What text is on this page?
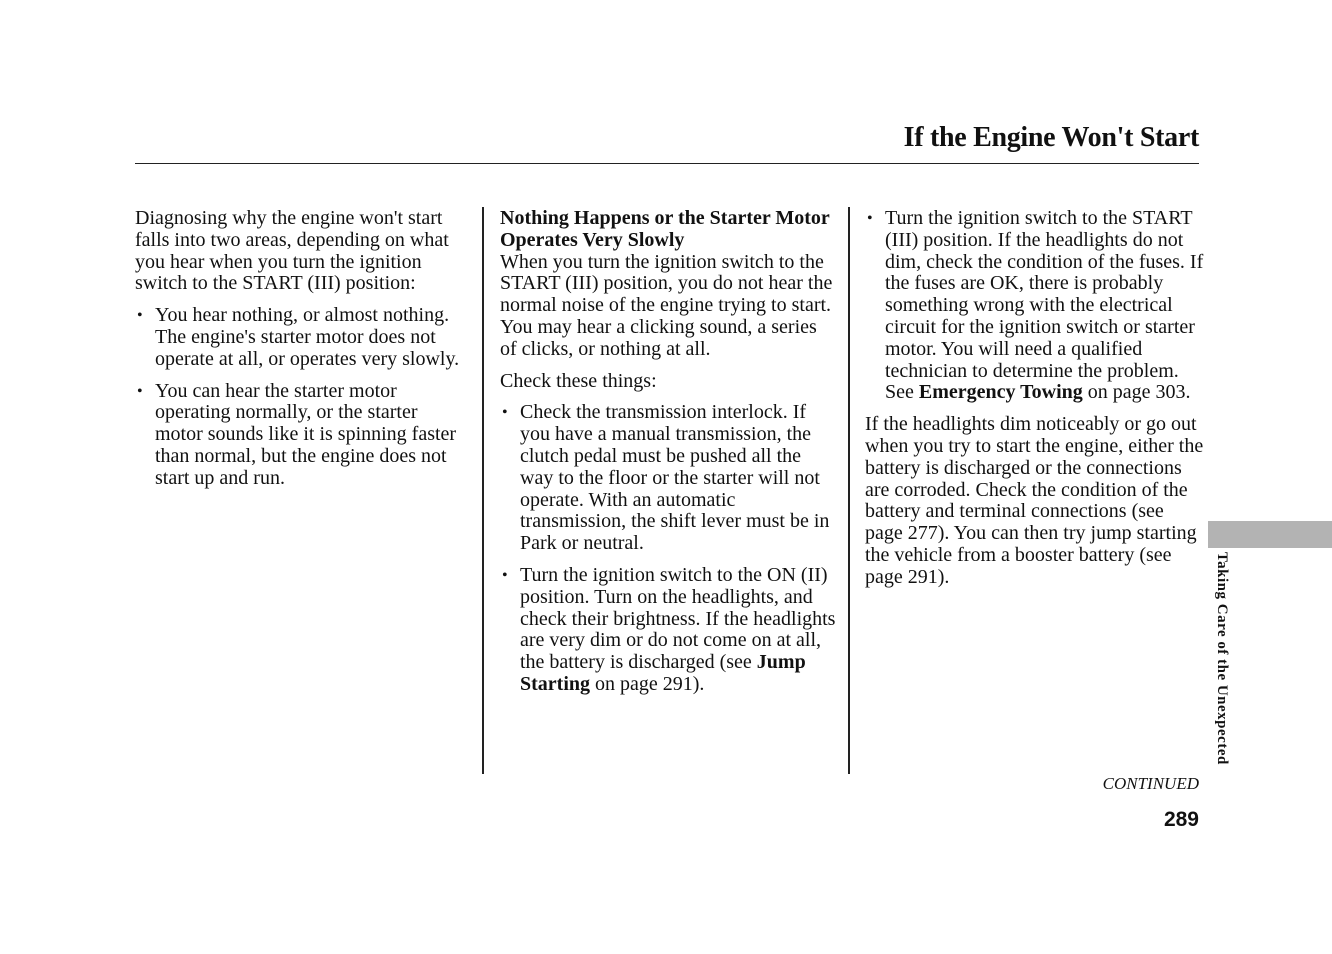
If the Engine Won't Start

Diagnosing why the engine won't start falls into two areas, depending on what you hear when you turn the ignition switch to the START (III) position:

• You hear nothing, or almost nothing. The engine's starter motor does not operate at all, or operates very slowly.
• You can hear the starter motor operating normally, or the starter motor sounds like it is spinning faster than normal, but the engine does not start up and run.

Nothing Happens or the Starter Motor Operates Very Slowly

When you turn the ignition switch to the START (III) position, you do not hear the normal noise of the engine trying to start. You may hear a clicking sound, a series of clicks, or nothing at all.

Check these things:

• Check the transmission interlock. If you have a manual transmission, the clutch pedal must be pushed all the way to the floor or the starter will not operate. With an automatic transmission, the shift lever must be in Park or neutral.
• Turn the ignition switch to the ON (II) position. Turn on the headlights, and check their brightness. If the headlights are very dim or do not come on at all, the battery is discharged (see Jump Starting on page 291).
• Turn the ignition switch to the START (III) position. If the headlights do not dim, check the condition of the fuses. If the fuses are OK, there is probably something wrong with the electrical circuit for the ignition switch or starter motor. You will need a qualified technician to determine the problem. See Emergency Towing on page 303.

If the headlights dim noticeably or go out when you try to start the engine, either the battery is discharged or the connections are corroded. Check the condition of the battery and terminal connections (see page 277). You can then try jump starting the vehicle from a booster battery (see page 291).	Taking Care of the Unexpected
CONTINUED
289
